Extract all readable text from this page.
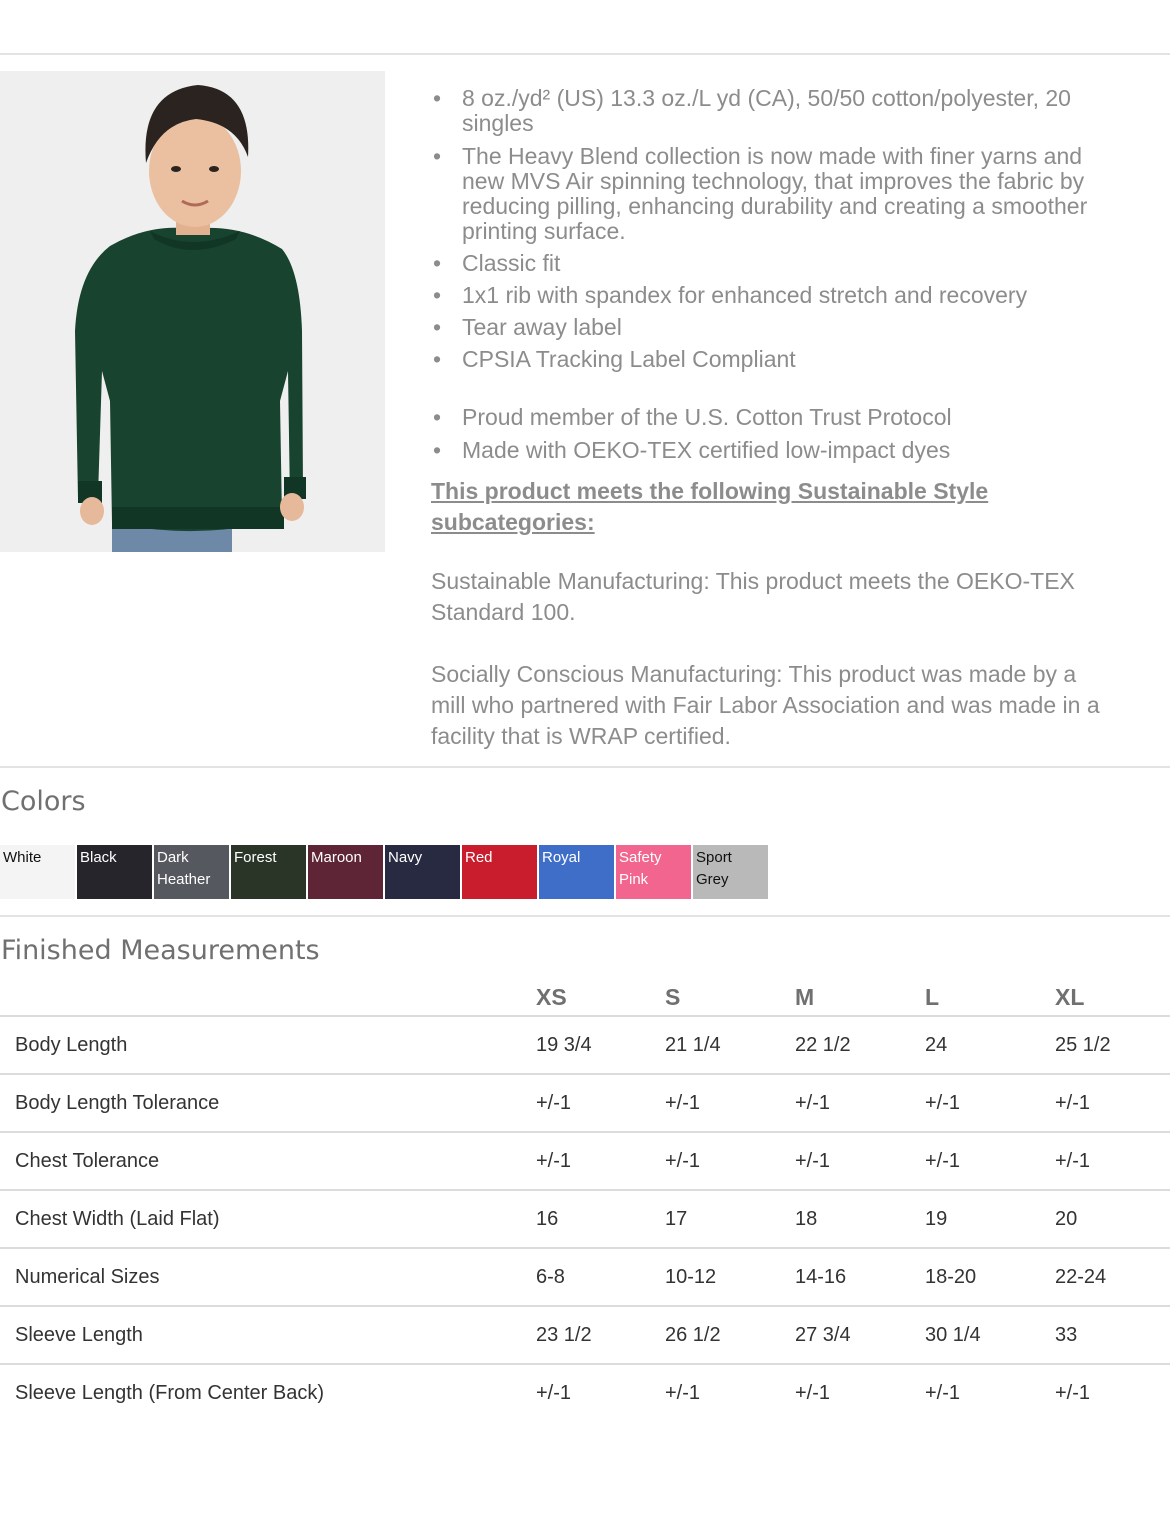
• 8 oz./yd² (US) 13.3 oz./L yd (CA), 50/50 cotton/polyester, 20 singles
• The Heavy Blend collection is now made with finer yarns and new MVS Air spinning technology, that improves the fabric by reducing pilling, enhancing durability and creating a smoother printing surface.
• Classic fit
• 1x1 rib with spandex for enhanced stretch and recovery
• Tear away label
• CPSIA Tracking Label Compliant
• Proud member of the U.S. Cotton Trust Protocol
• Made with OEKO-TEX certified low-impact dyes
This product meets the following Sustainable Style subcategories:
Sustainable Manufacturing: This product meets the OEKO-TEX Standard 100.
Socially Conscious Manufacturing: This product was made by a mill who partnered with Fair Labor Association and was made in a facility that is WRAP certified.
Colors
White	Black	Dark
Heather
Forest	Maroon	Navy	Red	Royal	Safety
Pink
Sport
Grey
Finished Measurements
	XS	S	M	L	XL
Body Length	19 3/4	21 1/4	22 1/2	24	25 1/2
Body Length Tolerance	+/-1	+/-1	+/-1	+/-1	+/-1
Chest Tolerance	+/-1	+/-1	+/-1	+/-1	+/-1
Chest Width (Laid Flat)	16	17	18	19	20
Numerical Sizes	6-8	10-12	14-16	18-20	22-24
Sleeve Length	23 1/2	26 1/2	27 3/4	30 1/4	33
Sleeve Length (From Center Back)	+/-1	+/-1	+/-1	+/-1	+/-1
